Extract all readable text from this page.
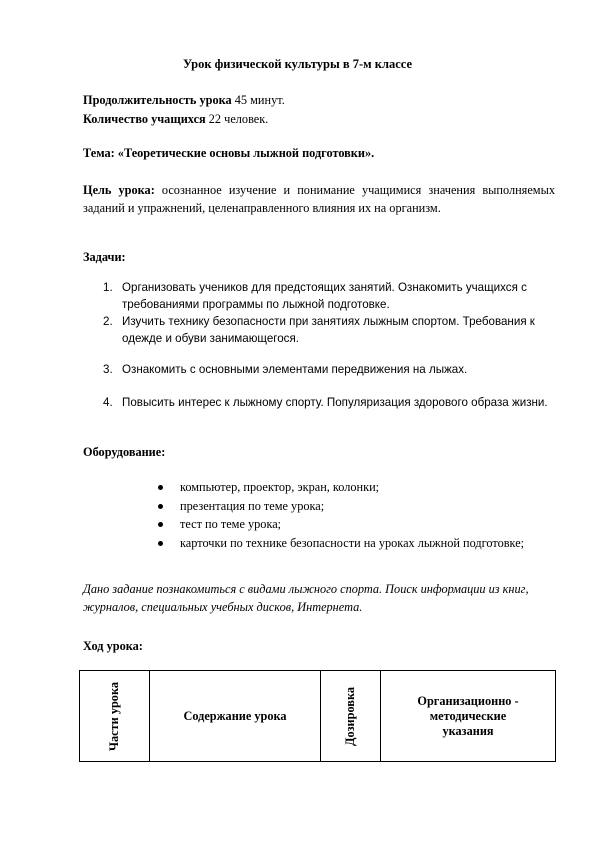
Урок физической культуры в 7-м классе
Продолжительность урока 45 минут.
Количество учащихся 22 человек.
Тема: «Теоретические основы лыжной подготовки».
Цель урока: осознанное изучение и понимание учащимися значения выполняемых заданий и упражнений, целенаправленного влияния их на организм.
Задачи:
1. Организовать учеников для предстоящих занятий. Ознакомить учащихся с требованиями программы по лыжной подготовке.
2. Изучить технику безопасности при занятиях лыжным спортом. Требования к одежде и обуви занимающегося.
3. Ознакомить с основными элементами передвижения на лыжах.
4. Повысить интерес к лыжному спорту. Популяризация здорового образа жизни.
Оборудование:
компьютер, проектор, экран, колонки;
презентация по теме урока;
тест по теме урока;
карточки по технике безопасности на уроках лыжной подготовке;
Дано задание познакомиться с видами лыжного спорта. Поиск информации из книг, журналов, специальных учебных дисков, Интернета.
Ход урока:
Части урока	Содержание урока	Дозировка	Организационно - методические указания
